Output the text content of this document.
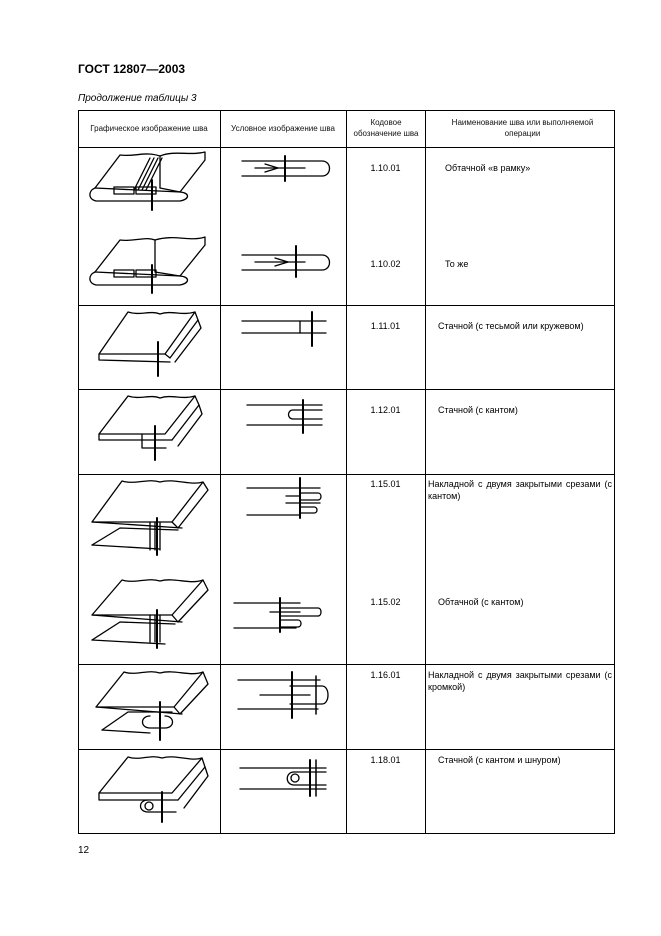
ГОСТ 12807—2003
Продолжение таблицы 3
Графическое изображение шва	Условное изображение шва
Кодовое обозначение шва
Наименование шва или выполняемой операции
1.10.01
1.10.02
1.11.01
1.12.01
1.15.01
1.15.02
1.16.01
1.18.01
Обтачной «в рамку»
То же
Стачной (с тесьмой или кружевом)
Стачной (с кантом)
Накладной с двумя закрытыми срезами (с кантом)
Обтачной (с кантом)
Накладной с двумя закрытыми срезами (с кромкой)
Стачной (с кантом и шнуром)
12
